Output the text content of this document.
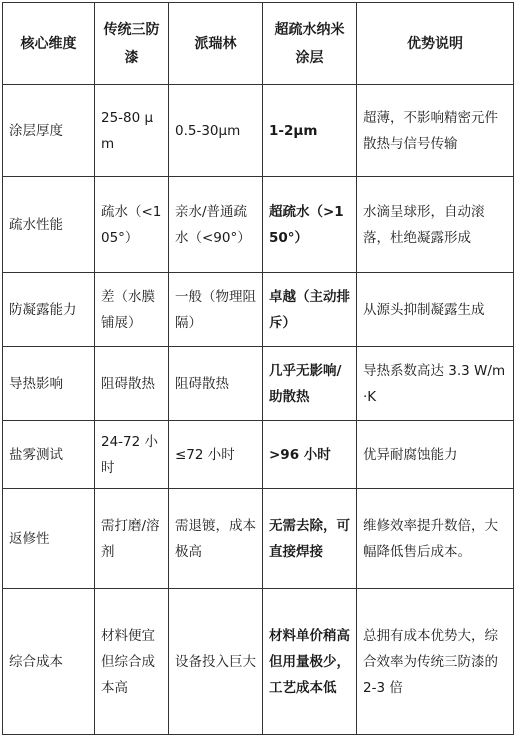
核心维度	传统三防漆	派瑞林	超疏水纳米涂层	优势说明
涂层厚度	25-80 μm	0.5-30μm	1-2μm	超薄，不影响精密元件散热与信号传输
疏水性能	疏水（<105°）	亲水/普通疏水（<90°）	超疏水（>150°）	水滴呈球形，自动滚落，杜绝凝露形成
防凝露能力	差（水膜铺展）	一般（物理阻隔）	卓越（主动排斥）	从源头抑制凝露生成
导热影响	阻碍散热	阻碍散热	几乎无影响/助散热	导热系数高达 3.3 W/m·K
盐雾测试	24-72 小时	≤72 小时	>96 小时	优异耐腐蚀能力
返修性	需打磨/溶剂	需退镀，成本极高	无需去除，可直接焊接	维修效率提升数倍，大幅降低售后成本。
综合成本	材料便宜但综合成本高	设备投入巨大	材料单价稍高但用量极少，工艺成本低	总拥有成本优势大，综合效率为传统三防漆的 2-3 倍
